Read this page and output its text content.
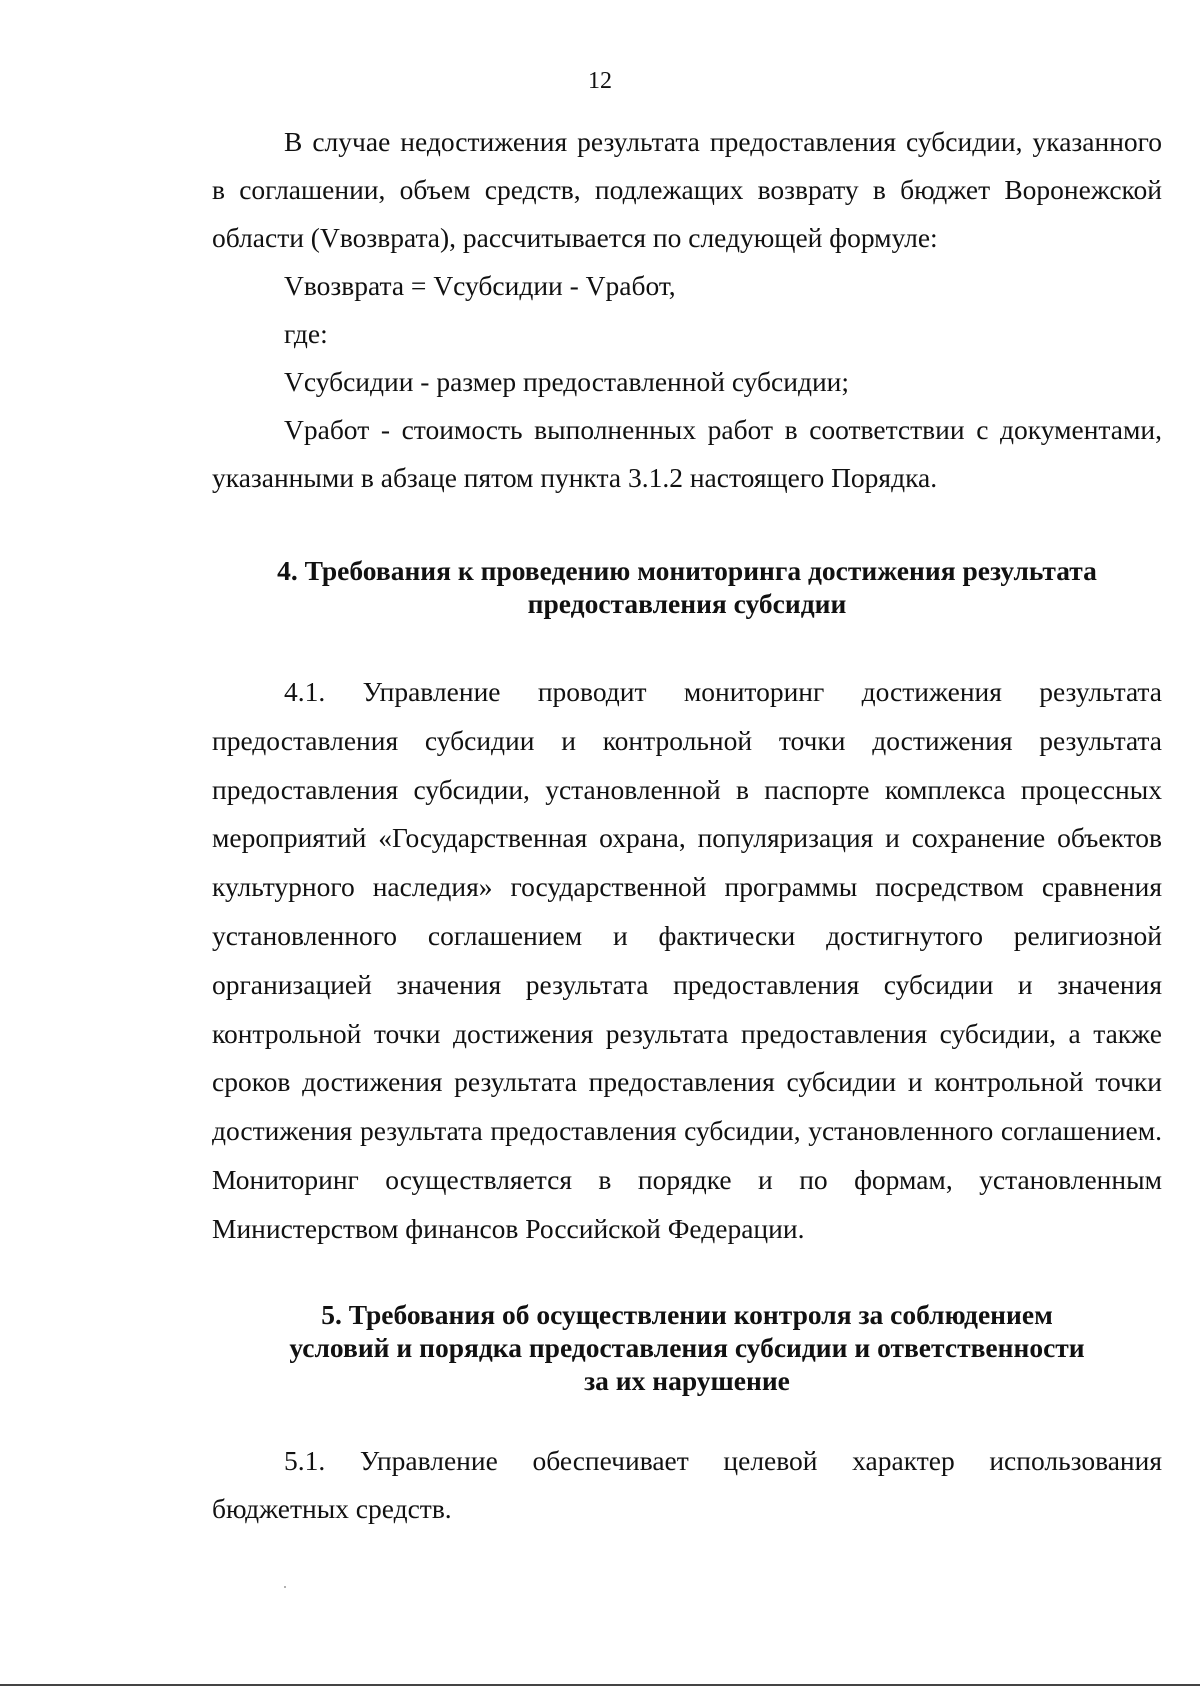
12

В случае недостижения результата предоставления субсидии, указанного в соглашении, объем средств, подлежащих возврату в бюджет Воронежской области (Vвозврата), рассчитывается по следующей формуле:

Vвозврата = Vсубсидии - Vработ,

где:

Vсубсидии - размер предоставленной субсидии;

Vработ - стоимость выполненных работ в соответствии с документами, указанными в абзаце пятом пункта 3.1.2 настоящего Порядка.

4. Требования к проведению мониторинга достижения результата

предоставления субсидии

4.1. Управление проводит мониторинг достижения результата предоставления субсидии и контрольной точки достижения результата предоставления субсидии, установленной в паспорте комплекса процессных мероприятий «Государственная охрана, популяризация и сохранение объектов культурного наследия» государственной программы посредством сравнения установленного соглашением и фактически достигнутого религиозной организацией значения результата предоставления субсидии и значения контрольной точки достижения результата предоставления субсидии, а также сроков достижения результата предоставления субсидии и контрольной точки достижения результата предоставления субсидии, установленного соглашением. Мониторинг осуществляется в порядке и по формам, установленным Министерством финансов Российской Федерации.

5. Требования об осуществлении контроля за соблюдением

условий и порядка предоставления субсидии и ответственности

за их нарушение

5.1. Управление обеспечивает целевой характер использования бюджетных средств.
